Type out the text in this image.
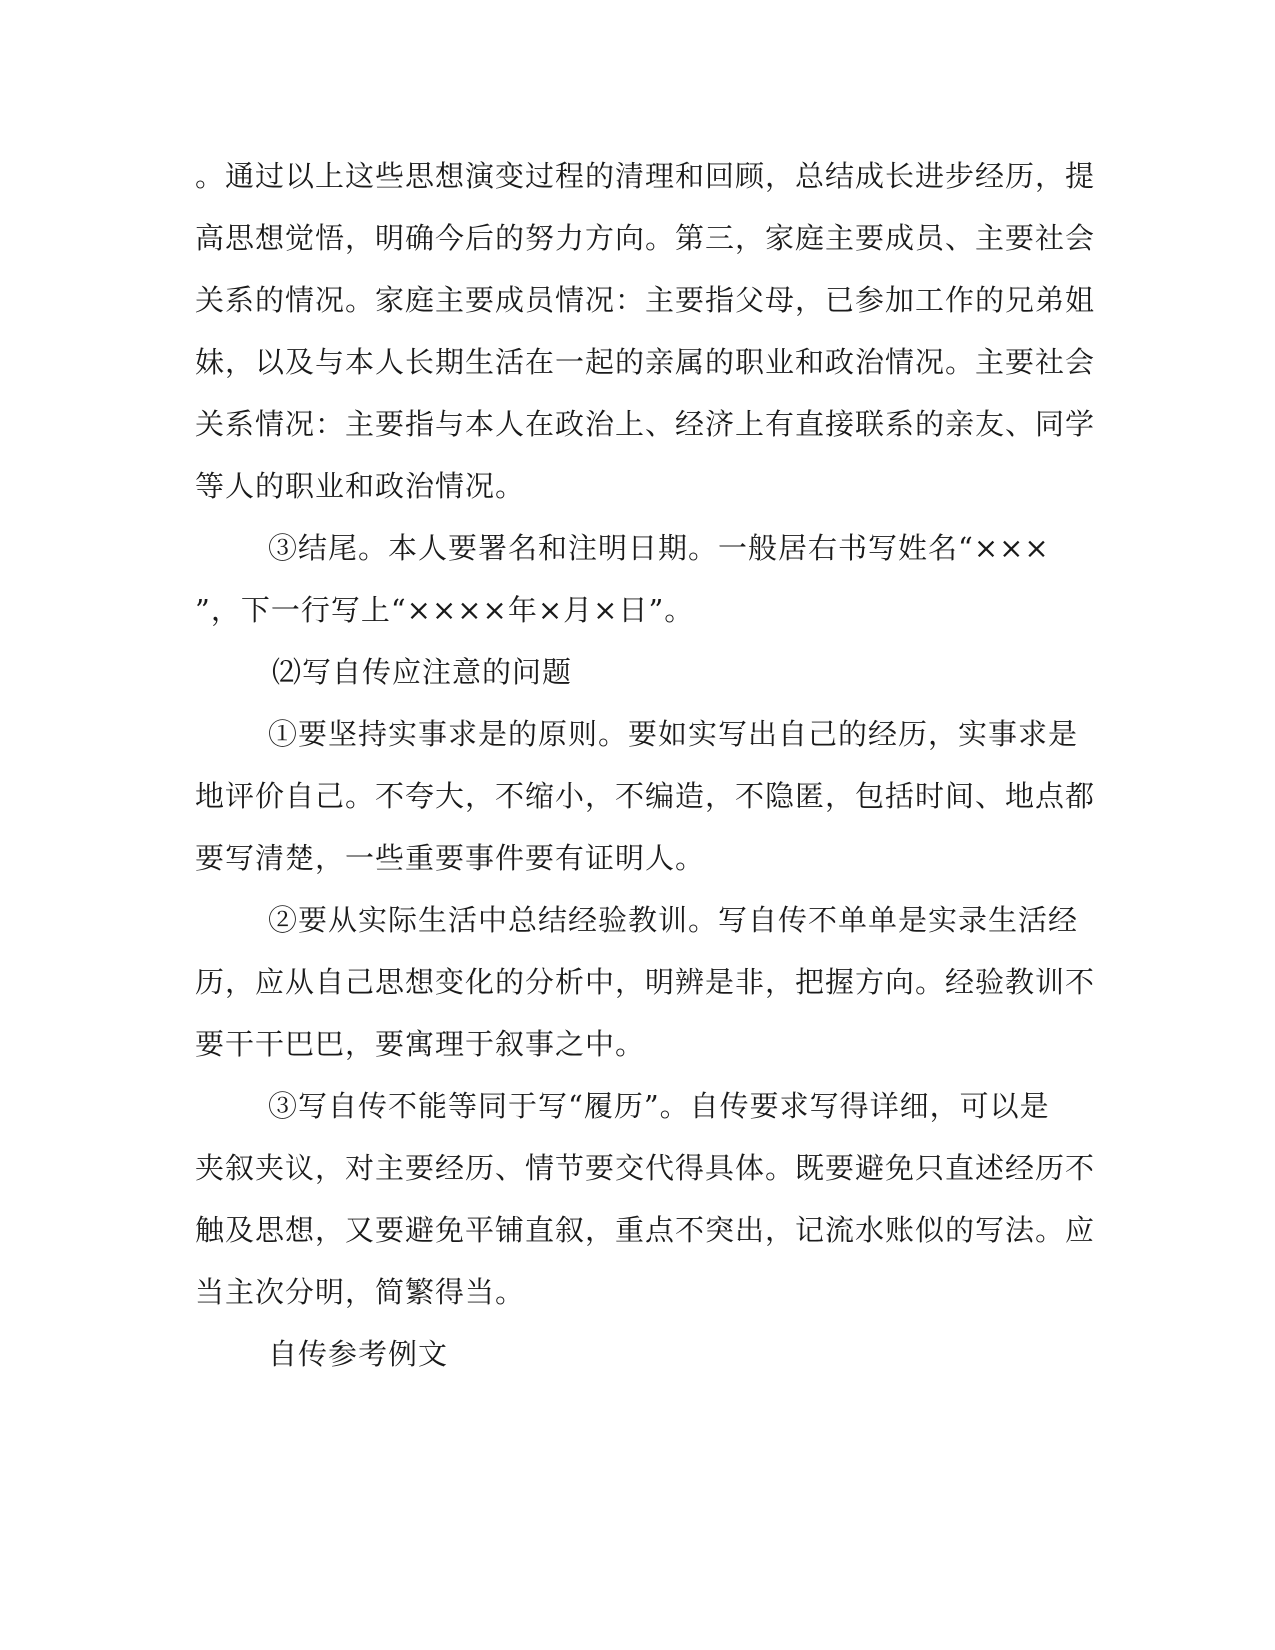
。通过以上这些思想演变过程的清理和回顾，总结成长进步经历，提
高思想觉悟，明确今后的努力方向。第三，家庭主要成员、主要社会
关系的情况。家庭主要成员情况：主要指父母，已参加工作的兄弟姐
妹，以及与本人长期生活在一起的亲属的职业和政治情况。主要社会
关系情况：主要指与本人在政治上、经济上有直接联系的亲友、同学
等人的职业和政治情况。
③结尾。本人要署名和注明日期。一般居右书写姓名“×××
”，下一行写上“××××年×月×日”。
⑵写自传应注意的问题
①要坚持实事求是的原则。要如实写出自己的经历，实事求是
地评价自己。不夸大，不缩小，不编造，不隐匿，包括时间、地点都
要写清楚，一些重要事件要有证明人。
②要从实际生活中总结经验教训。写自传不单单是实录生活经
历，应从自己思想变化的分析中，明辨是非，把握方向。经验教训不
要干干巴巴，要寓理于叙事之中。
③写自传不能等同于写“履历”。自传要求写得详细，可以是
夹叙夹议，对主要经历、情节要交代得具体。既要避免只直述经历不
触及思想，又要避免平铺直叙，重点不突出，记流水账似的写法。应
当主次分明，简繁得当。
自传参考例文
